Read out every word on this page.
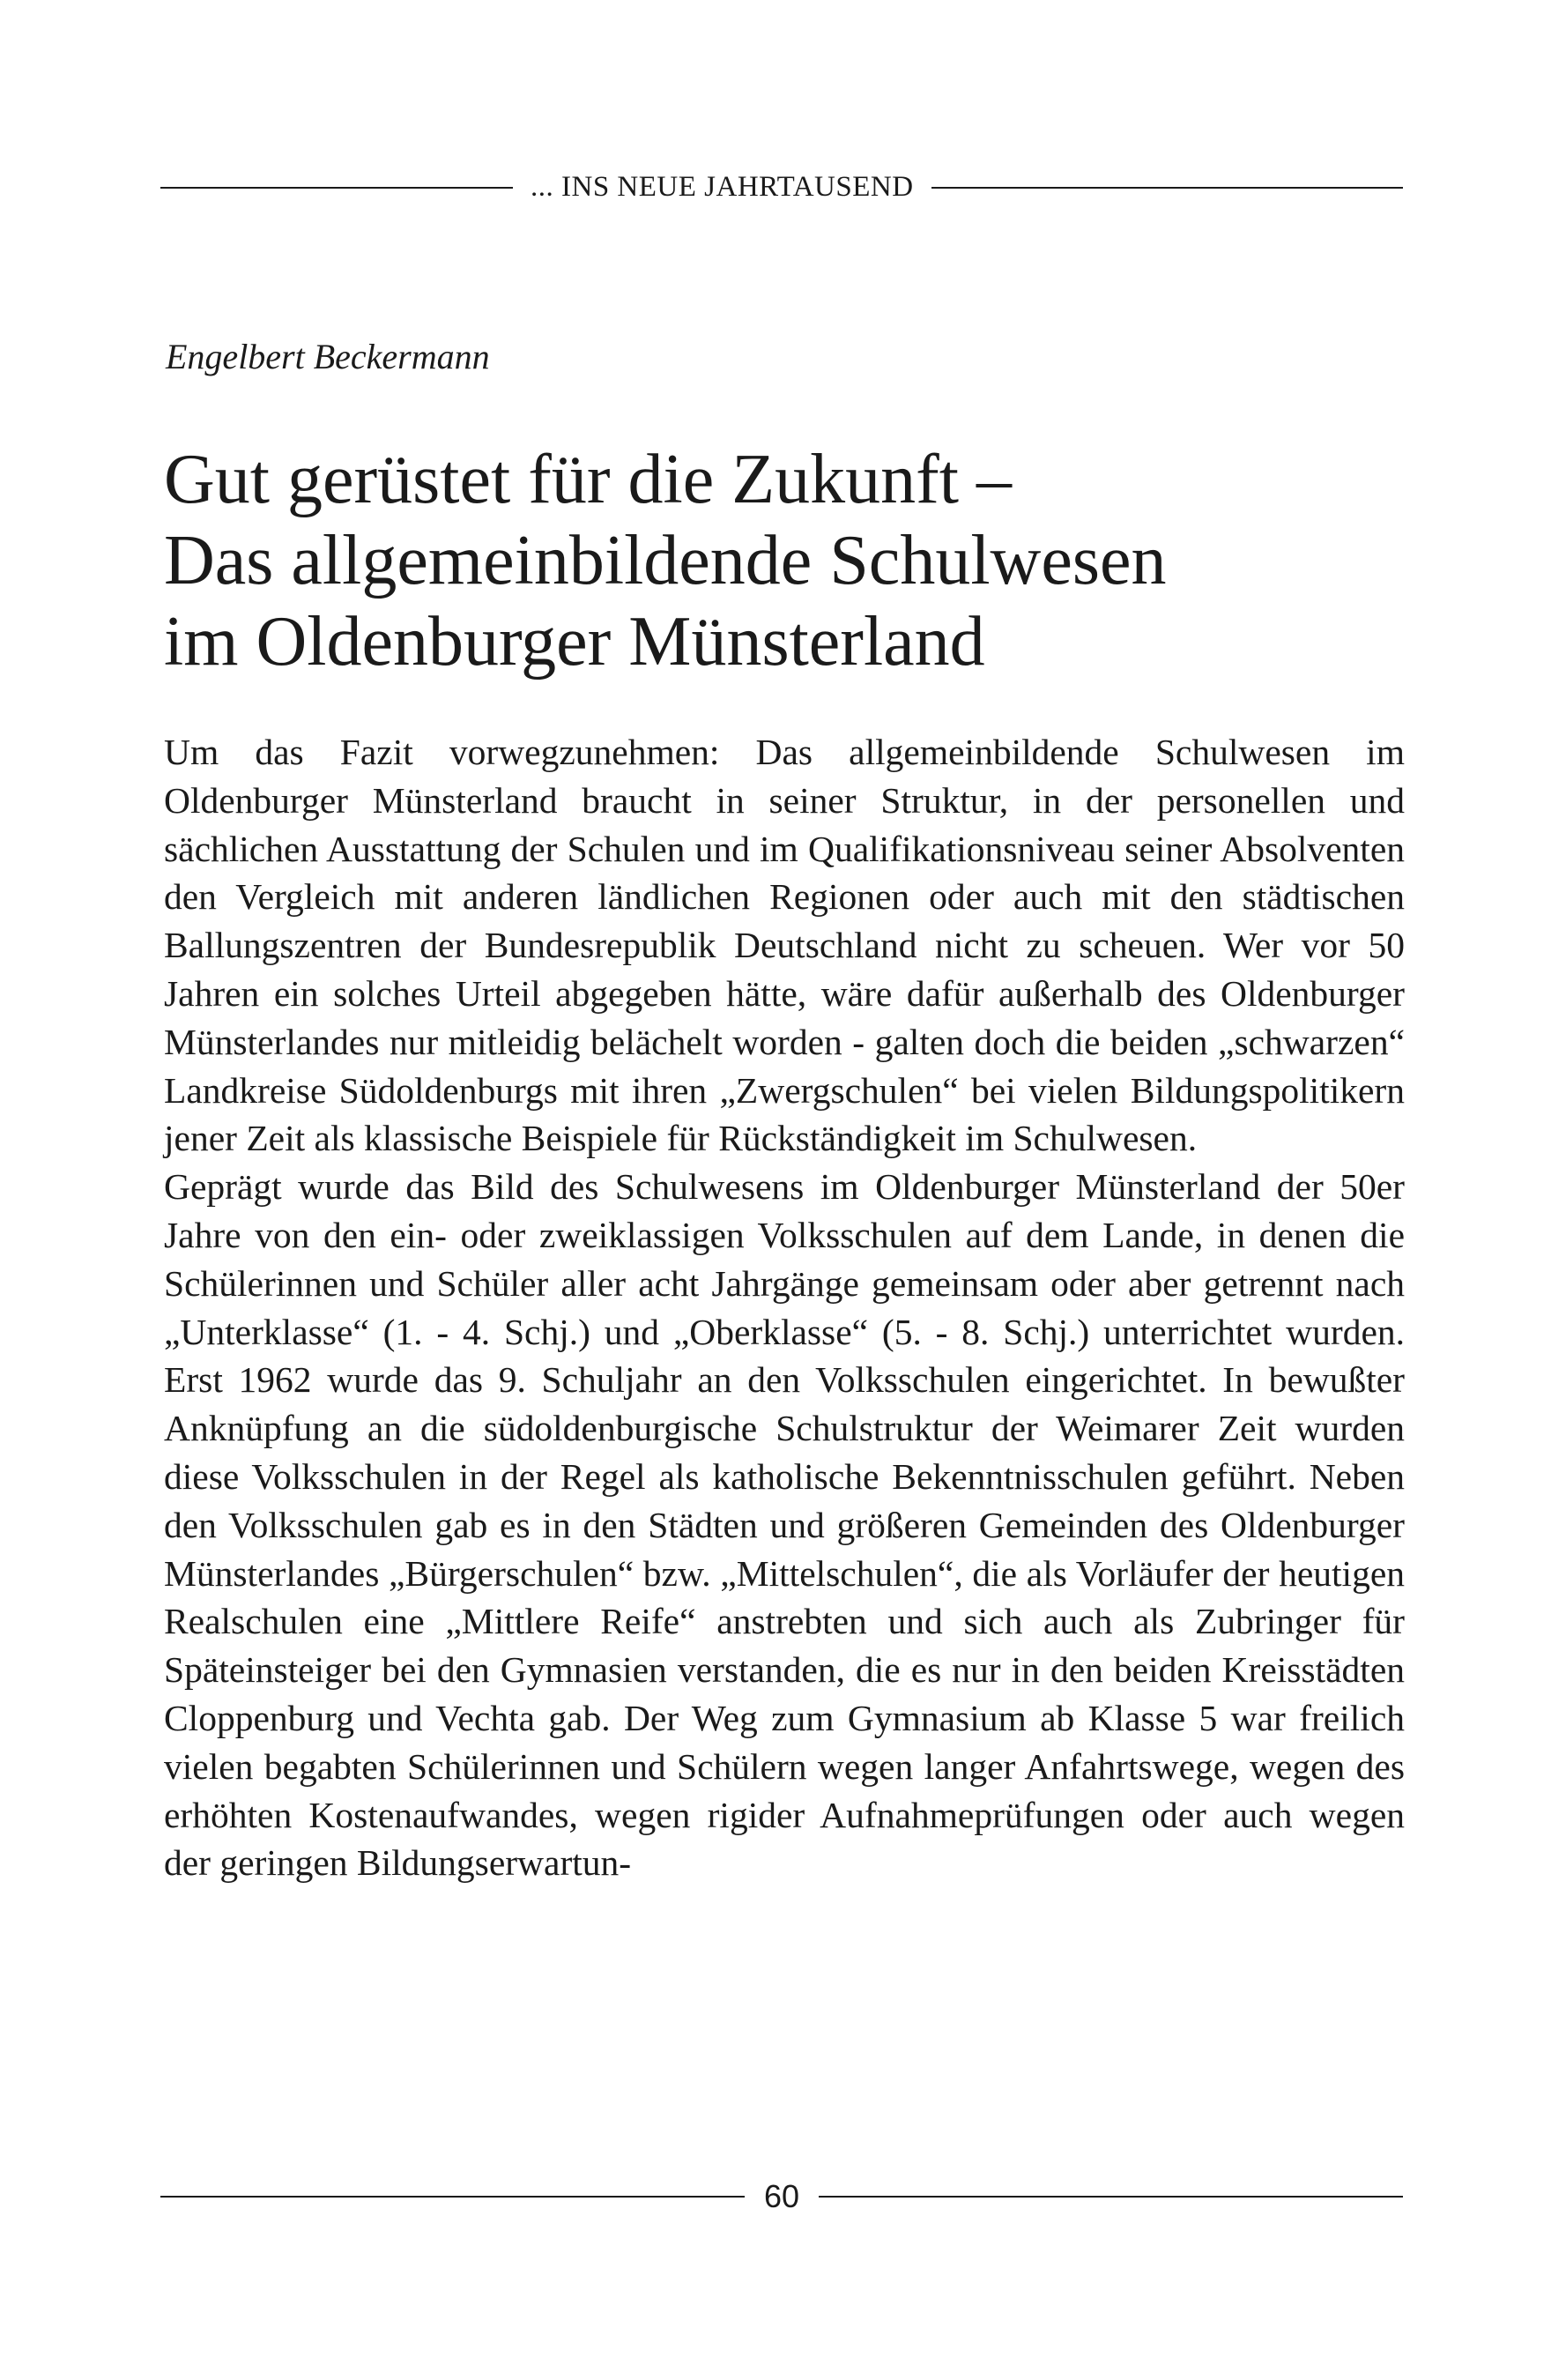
... INS NEUE JAHRTAUSEND
Engelbert Beckermann
Gut gerüstet für die Zukunft –
Das allgemeinbildende Schulwesen
im Oldenburger Münsterland

Um das Fazit vorwegzunehmen: Das allgemeinbildende Schulwesen im Oldenburger Münsterland braucht in seiner Struktur, in der personellen und sächlichen Ausstattung der Schulen und im Qualifikationsniveau seiner Absolventen den Vergleich mit anderen ländlichen Regionen oder auch mit den städtischen Ballungszentren der Bundesrepublik Deutschland nicht zu scheuen. Wer vor 50 Jahren ein solches Urteil abgegeben hätte, wäre dafür außerhalb des Oldenburger Münsterlandes nur mitleidig belächelt worden - galten doch die beiden „schwarzen“ Landkreise Südoldenburgs mit ihren „Zwergschulen“ bei vielen Bildungspolitikern jener Zeit als klassische Beispiele für Rückständigkeit im Schulwesen.

Geprägt wurde das Bild des Schulwesens im Oldenburger Münsterland der 50er Jahre von den ein- oder zweiklassigen Volksschulen auf dem Lande, in denen die Schülerinnen und Schüler aller acht Jahrgänge gemeinsam oder aber getrennt nach „Unterklasse“ (1. - 4. Schj.) und „Oberklasse“ (5. - 8. Schj.) unterrichtet wurden. Erst 1962 wurde das 9. Schuljahr an den Volksschulen eingerichtet. In bewußter Anknüpfung an die südoldenburgische Schulstruktur der Weimarer Zeit wurden diese Volksschulen in der Regel als katholische Bekenntnisschulen geführt. Neben den Volksschulen gab es in den Städten und größeren Gemeinden des Oldenburger Münsterlandes „Bürgerschulen“ bzw. „Mittelschulen“, die als Vorläufer der heutigen Realschulen eine „Mittlere Reife“ anstrebten und sich auch als Zubringer für Späteinsteiger bei den Gymnasien verstanden, die es nur in den beiden Kreisstädten Cloppenburg und Vechta gab. Der Weg zum Gymnasium ab Klasse 5 war freilich vielen begabten Schülerinnen und Schülern wegen langer Anfahrtswege, wegen des erhöhten Kostenaufwandes, wegen rigider Aufnahmeprüfungen oder auch wegen der geringen Bildungserwartun-

60
